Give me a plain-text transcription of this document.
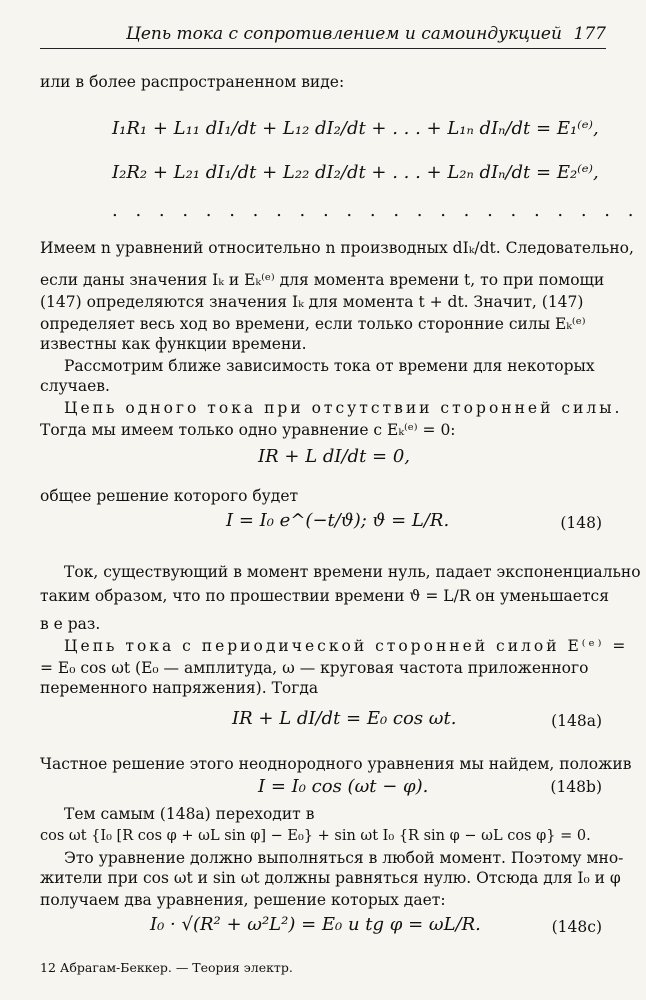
Цепь тока с сопротивлением и самоиндукцией 177
или в более распространенном виде:
I₁R₁ + L₁₁ dI₁/dt + L₁₂ dI₂/dt + . . . + L₁ₙ dIₙ/dt = E₁⁽ᵉ⁾,
I₂R₂ + L₂₁ dI₁/dt + L₂₂ dI₂/dt + . . . + L₂ₙ dIₙ/dt = E₂⁽ᵉ⁾,
. . . . . . . . . . . . . . . . . . . . . . .
Имеем n уравнений относительно n производных dIₖ/dt. Следовательно,
если даны значения Iₖ и Eₖ⁽ᵉ⁾ для момента времени t, то при помощи
(147) определяются значения Iₖ для момента t + dt. Значит, (147)
определяет весь ход во времени, если только сторонние силы Eₖ⁽ᵉ⁾
известны как функции времени.
Рассмотрим ближе зависимость тока от времени для некоторых
случаев.
Цепь одного тока при отсутствии сторонней силы.
Тогда мы имеем только одно уравнение с Eₖ⁽ᵉ⁾ = 0:
IR + L dI/dt = 0,
общее решение которого будет
I = I₀ e^(−t/ϑ); ϑ = L/R.	(148)
Ток, существующий в момент времени нуль, падает экспоненциально
таким образом, что по прошествии времени ϑ = L/R он уменьшается
в e раз.
Цепь тока с периодической сторонней силой E⁽ᵉ⁾ =
= E₀ cos ωt (E₀ — амплитуда, ω — круговая частота приложенного
переменного напряжения). Тогда
IR + L dI/dt = E₀ cos ωt.	(148a)
Частное решение этого неоднородного уравнения мы найдем, положив
I = I₀ cos (ωt − φ).	(148b)
Тем самым (148a) переходит в
cos ωt {I₀ [R cos φ + ωL sin φ] − E₀} + sin ωt I₀ {R sin φ − ωL cos φ} = 0.
Это уравнение должно выполняться в любой момент. Поэтому мно-
жители при cos ωt и sin ωt должны равняться нулю. Отсюда для I₀ и φ
получаем два уравнения, решение которых дает:
I₀ · √(R² + ω²L²) = E₀ и tg φ = ωL/R.	(148c)
12 Абрагам-Беккер. — Теория электр.
